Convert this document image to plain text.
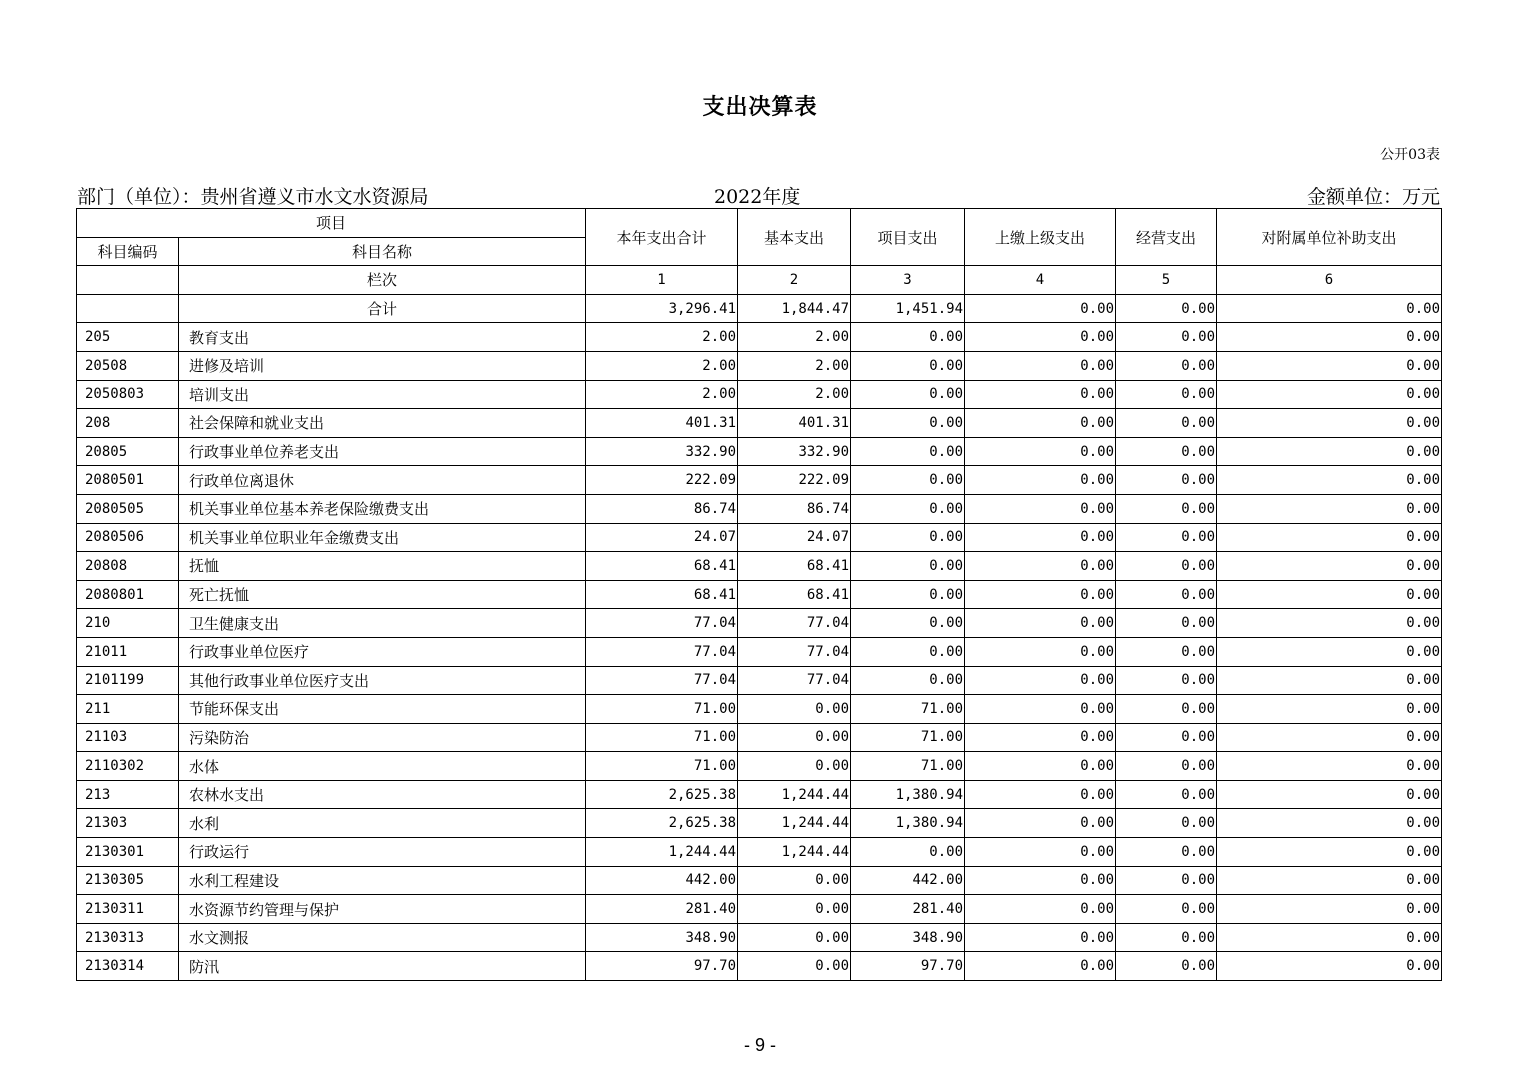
支出决算表
公开03表
部门（单位）：贵州省遵义市水文水资源局	2022年度	金额单位：万元
项目		本年支出合计	基本支出	项目支出	上缴上级支出	经营支出	对附属单位补助支出
科目编码	科目名称						
	栏次	1	2	3	4	5	6
	合计	3,296.41	1,844.47	1,451.94	0.00	0.00	0.00
205	教育支出	2.00	2.00	0.00	0.00	0.00	0.00
20508	进修及培训	2.00	2.00	0.00	0.00	0.00	0.00
2050803	培训支出	2.00	2.00	0.00	0.00	0.00	0.00
208	社会保障和就业支出	401.31	401.31	0.00	0.00	0.00	0.00
20805	行政事业单位养老支出	332.90	332.90	0.00	0.00	0.00	0.00
2080501	行政单位离退休	222.09	222.09	0.00	0.00	0.00	0.00
2080505	机关事业单位基本养老保险缴费支出	86.74	86.74	0.00	0.00	0.00	0.00
2080506	机关事业单位职业年金缴费支出	24.07	24.07	0.00	0.00	0.00	0.00
20808	抚恤	68.41	68.41	0.00	0.00	0.00	0.00
2080801	死亡抚恤	68.41	68.41	0.00	0.00	0.00	0.00
210	卫生健康支出	77.04	77.04	0.00	0.00	0.00	0.00
21011	行政事业单位医疗	77.04	77.04	0.00	0.00	0.00	0.00
2101199	其他行政事业单位医疗支出	77.04	77.04	0.00	0.00	0.00	0.00
211	节能环保支出	71.00	0.00	71.00	0.00	0.00	0.00
21103	污染防治	71.00	0.00	71.00	0.00	0.00	0.00
2110302	水体	71.00	0.00	71.00	0.00	0.00	0.00
213	农林水支出	2,625.38	1,244.44	1,380.94	0.00	0.00	0.00
21303	水利	2,625.38	1,244.44	1,380.94	0.00	0.00	0.00
2130301	行政运行	1,244.44	1,244.44	0.00	0.00	0.00	0.00
2130305	水利工程建设	442.00	0.00	442.00	0.00	0.00	0.00
2130311	水资源节约管理与保护	281.40	0.00	281.40	0.00	0.00	0.00
2130313	水文测报	348.90	0.00	348.90	0.00	0.00	0.00
2130314	防汛	97.70	0.00	97.70	0.00	0.00	0.00
- 9 -
